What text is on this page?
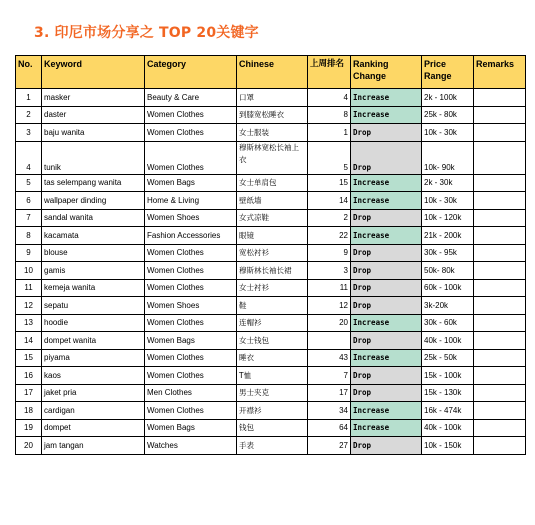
3. 印尼市场分享之 TOP 20关键字
No.	Keyword	Category	Chinese	上周排名	Ranking Change	Price Range	Remarks
1	masker	Beauty & Care	口罩	4	Increase	2k - 100k	
2	daster	Women Clothes	到膝宽松睡衣	8	Increase	25k - 80k	
3	baju wanita	Women Clothes	女士服装	1	Drop	10k - 30k	
4	tunik	Women Clothes	穆斯林宽松长袖上衣	5	Drop	10k- 90k	
5	tas selempang wanita	Women Bags	女士单肩包	15	Increase	2k - 30k	
6	wallpaper dinding	Home & Living	壁纸墙	14	Increase	10k - 30k	
7	sandal wanita	Women Shoes	女式凉鞋	2	Drop	10k - 120k	
8	kacamata	Fashion Accessories	眼镜	22	Increase	21k - 200k	
9	blouse	Women Clothes	宽松衬衫	9	Drop	30k - 95k	
10	gamis	Women Clothes	穆斯林长袖长裙	3	Drop	50k- 80k	
11	kemeja wanita	Women Clothes	女士衬衫	11	Drop	60k - 100k	
12	sepatu	Women Shoes	鞋	12	Drop	3k-20k	
13	hoodie	Women Clothes	连帽衫	20	Increase	30k - 60k	
14	dompet wanita	Women Bags	女士钱包		Drop	40k - 100k	
15	piyama	Women Clothes	睡衣	43	Increase	25k - 50k	
16	kaos	Women Clothes	T恤	7	Drop	15k - 100k	
17	jaket pria	Men Clothes	男士夹克	17	Drop	15k - 130k	
18	cardigan	Women Clothes	开襟衫	34	Increase	16k - 474k	
19	dompet	Women Bags	钱包	64	Increase	40k - 100k	
20	jam tangan	Watches	手表	27	Drop	10k - 150k	
